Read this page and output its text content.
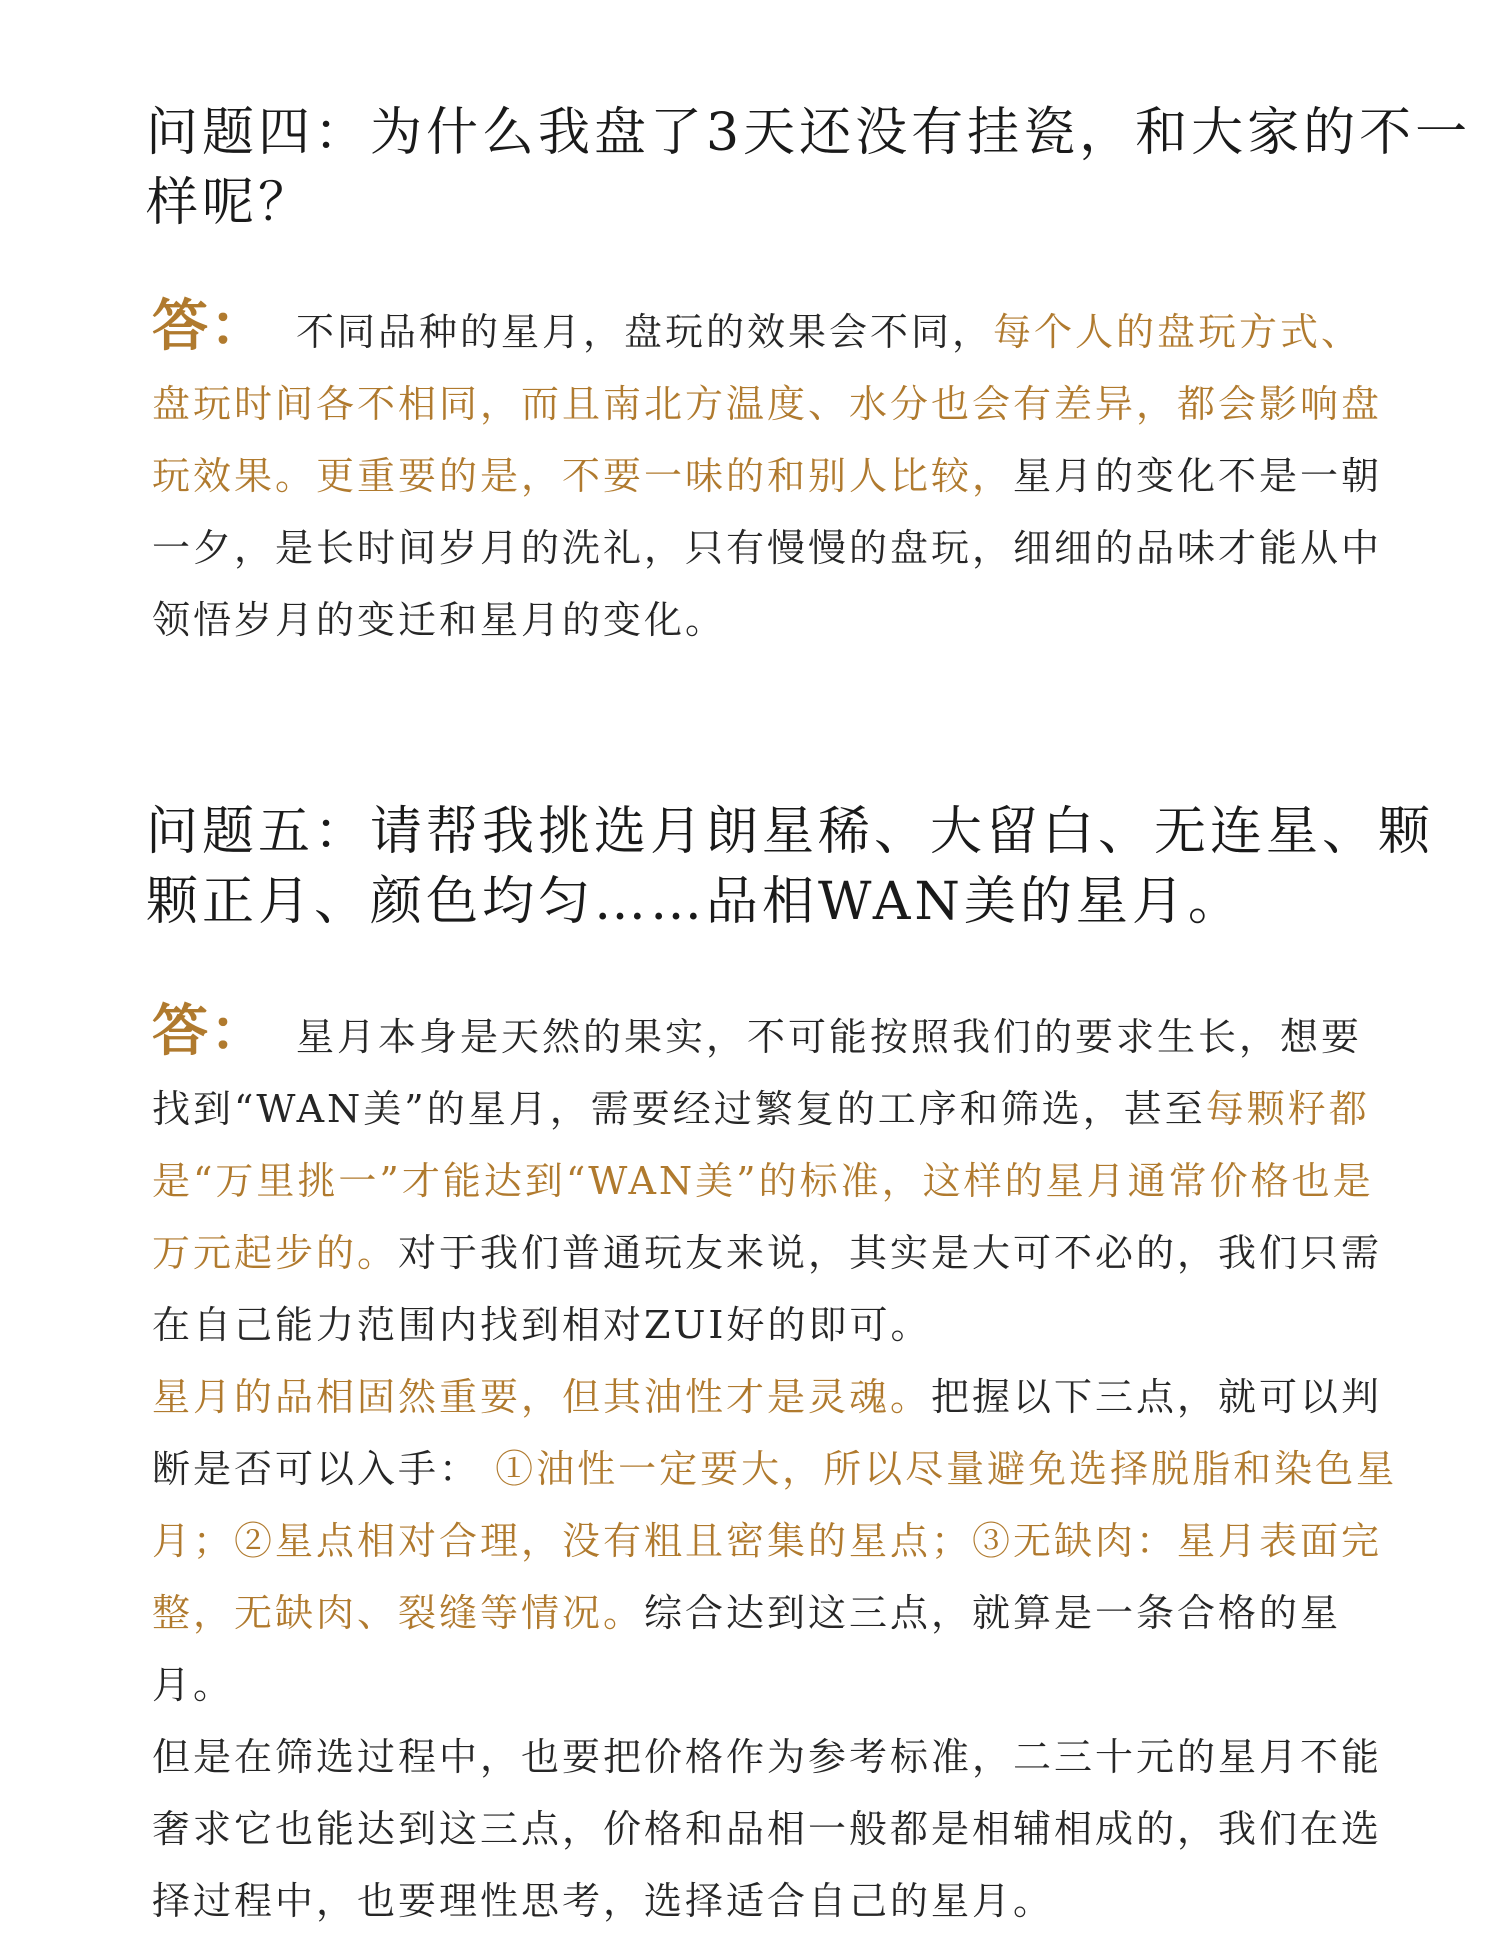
问题四：为什么我盘了3天还没有挂瓷，和大家的不一样呢？
答： 不同品种的星月，盘玩的效果会不同，每个人的盘玩方式、盘玩时间各不相同，而且南北方温度、水分也会有差异，都会影响盘玩效果。更重要的是，不要一味的和别人比较，星月的变化不是一朝一夕，是长时间岁月的洗礼，只有慢慢的盘玩，细细的品味才能从中领悟岁月的变迁和星月的变化。
问题五：请帮我挑选月朗星稀、大留白、无连星、颗颗正月、颜色均匀……品相WAN美的星月。
答： 星月本身是天然的果实，不可能按照我们的要求生长，想要找到“WAN美”的星月，需要经过繁复的工序和筛选，甚至每颗籽都是“万里挑一”才能达到“WAN美”的标准，这样的星月通常价格也是万元起步的。对于我们普通玩友来说，其实是大可不必的，我们只需在自己能力范围内找到相对ZUI好的即可。
星月的品相固然重要，但其油性才是灵魂。把握以下三点，就可以判断是否可以入手： ①油性一定要大，所以尽量避免选择脱脂和染色星月；②星点相对合理，没有粗且密集的星点；③无缺肉：星月表面完整，无缺肉、裂缝等情况。综合达到这三点，就算是一条合格的星月。
但是在筛选过程中，也要把价格作为参考标准，二三十元的星月不能奢求它也能达到这三点，价格和品相一般都是相辅相成的，我们在选择过程中，也要理性思考，选择适合自己的星月。
